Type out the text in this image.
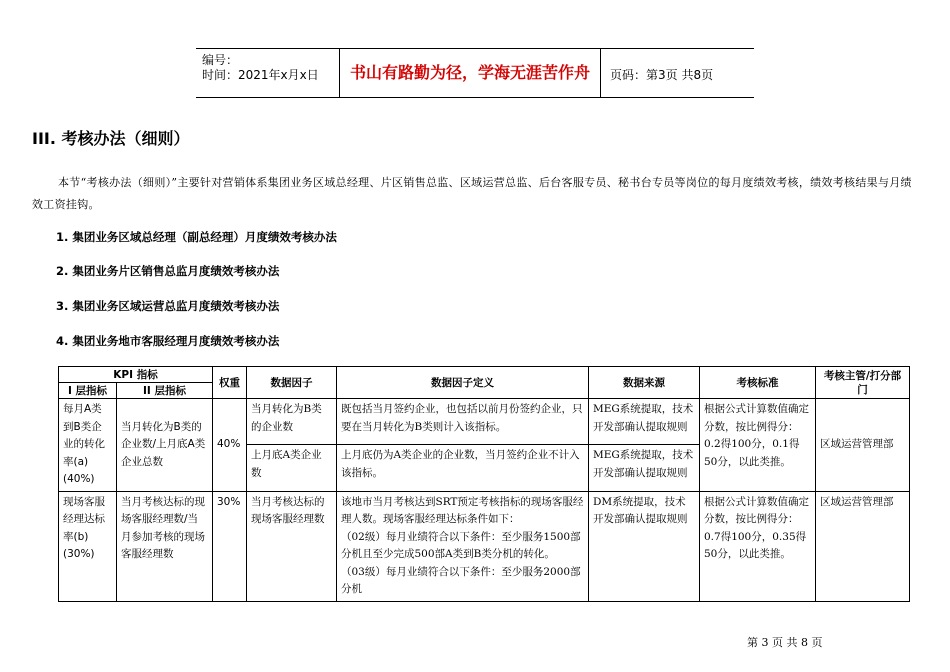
编号：
时间：2021年x月x日	书山有路勤为径，学海无涯苦作舟	页码：第3页 共8页
III. 考核办法（细则）
本节“考核办法（细则）”主要针对营销体系集团业务区域总经理、片区销售总监、区域运营总监、后台客服专员、秘书台专员等岗位的每月度绩效考核，绩效考核结果与月绩效工资挂钩。
1. 集团业务区域总经理（副总经理）月度绩效考核办法
2. 集团业务片区销售总监月度绩效考核办法
3. 集团业务区域运营总监月度绩效考核办法
4. 集团业务地市客服经理月度绩效考核办法
KPI 指标		权重	数据因子	数据因子定义	数据来源	考核标准	考核主管/打分部门
I 层指标	II 层指标						
每月A类到B类企业的转化率(a)(40%)	当月转化为B类的企业数/上月底A类企业总数	40%	当月转化为B类的企业数	既包括当月签约企业，也包括以前月份签约企业，只要在当月转化为B类则计入该指标。	MEG系统提取，技术开发部确认提取规则	根据公式计算数值确定分数，按比例得分：0.2得100分，0.1得50分，以此类推。	区域运营管理部
			上月底A类企业数	上月底仍为A类企业的企业数，当月签约企业不计入该指标。	MEG系统提取，技术开发部确认提取规则		
现场客服经理达标率(b)(30%)	当月考核达标的现场客服经理数/当月参加考核的现场客服经理数	30%	当月考核达标的现场客服经理数	该地市当月考核达到SRT预定考核指标的现场客服经理人数。现场客服经理达标条件如下：
（02级）每月业绩符合以下条件：至少服务1500部分机且至少完成500部A类到B类分机的转化。
（03级）每月业绩符合以下条件：至少服务2000部分机	DM系统提取，技术开发部确认提取规则	根据公式计算数值确定分数，按比例得分：0.7得100分，0.35得50分，以此类推。	区域运营管理部
第 3 页 共 8 页
